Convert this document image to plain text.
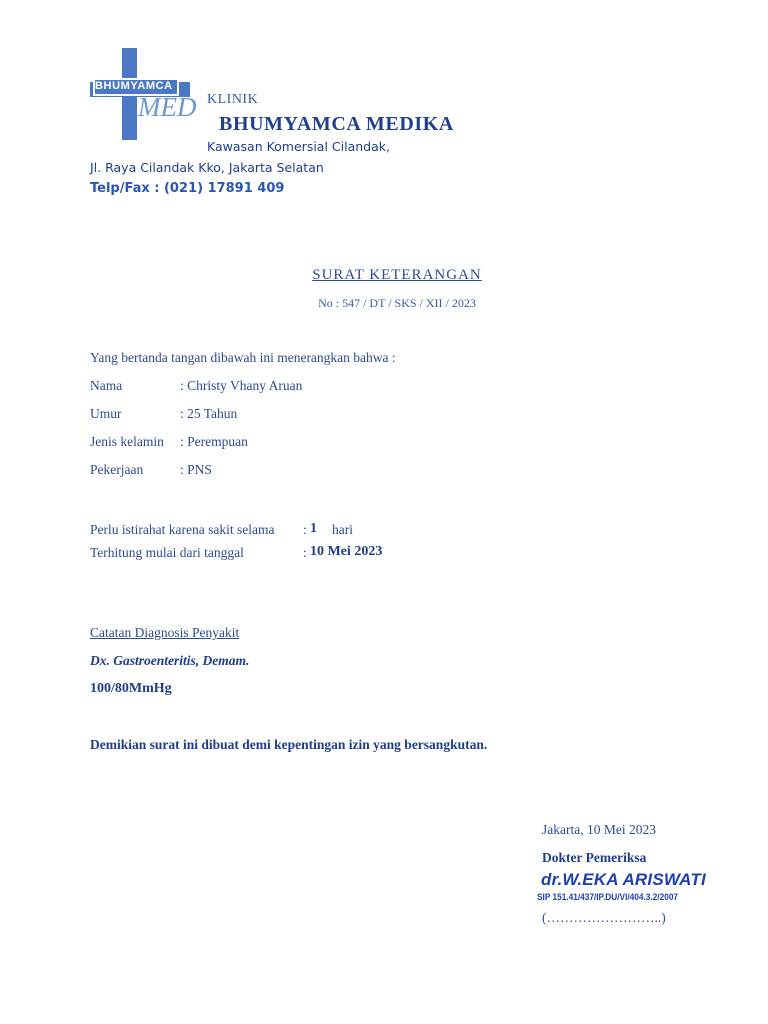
BHUMYAMCA
MED KLINIK
BHUMYAMCA MEDIKA
Kawasan Komersial Cilandak,
Jl. Raya Cilandak Kko, Jakarta Selatan
Telp/Fax : (021) 17891 409
SURAT KETERANGAN
No : 547 / DT / SKS / XII / 2023
Yang bertanda tangan dibawah ini menerangkan bahwa :
Nama	: Christy Vhany Aruan
Umur	: 25 Tahun
Jenis kelamin : Perempuan
Pekerjaan	: PNS
Perlu istirahat karena sakit selama : 1 hari
Terhitung mulai dari tanggal	: 10 Mei 2023
Catatan Diagnosis Penyakit
Dx. Gastroenteritis, Demam.
100/80MmHg
Demikian surat ini dibuat demi kepentingan izin yang bersangkutan.
Jakarta, 10 Mei 2023
Dokter Pemeriksa
dr.W.EKA ARISWATI
SIP 151.41/437/IP.DU/VI/404.3.2/2007
(……………………..)
